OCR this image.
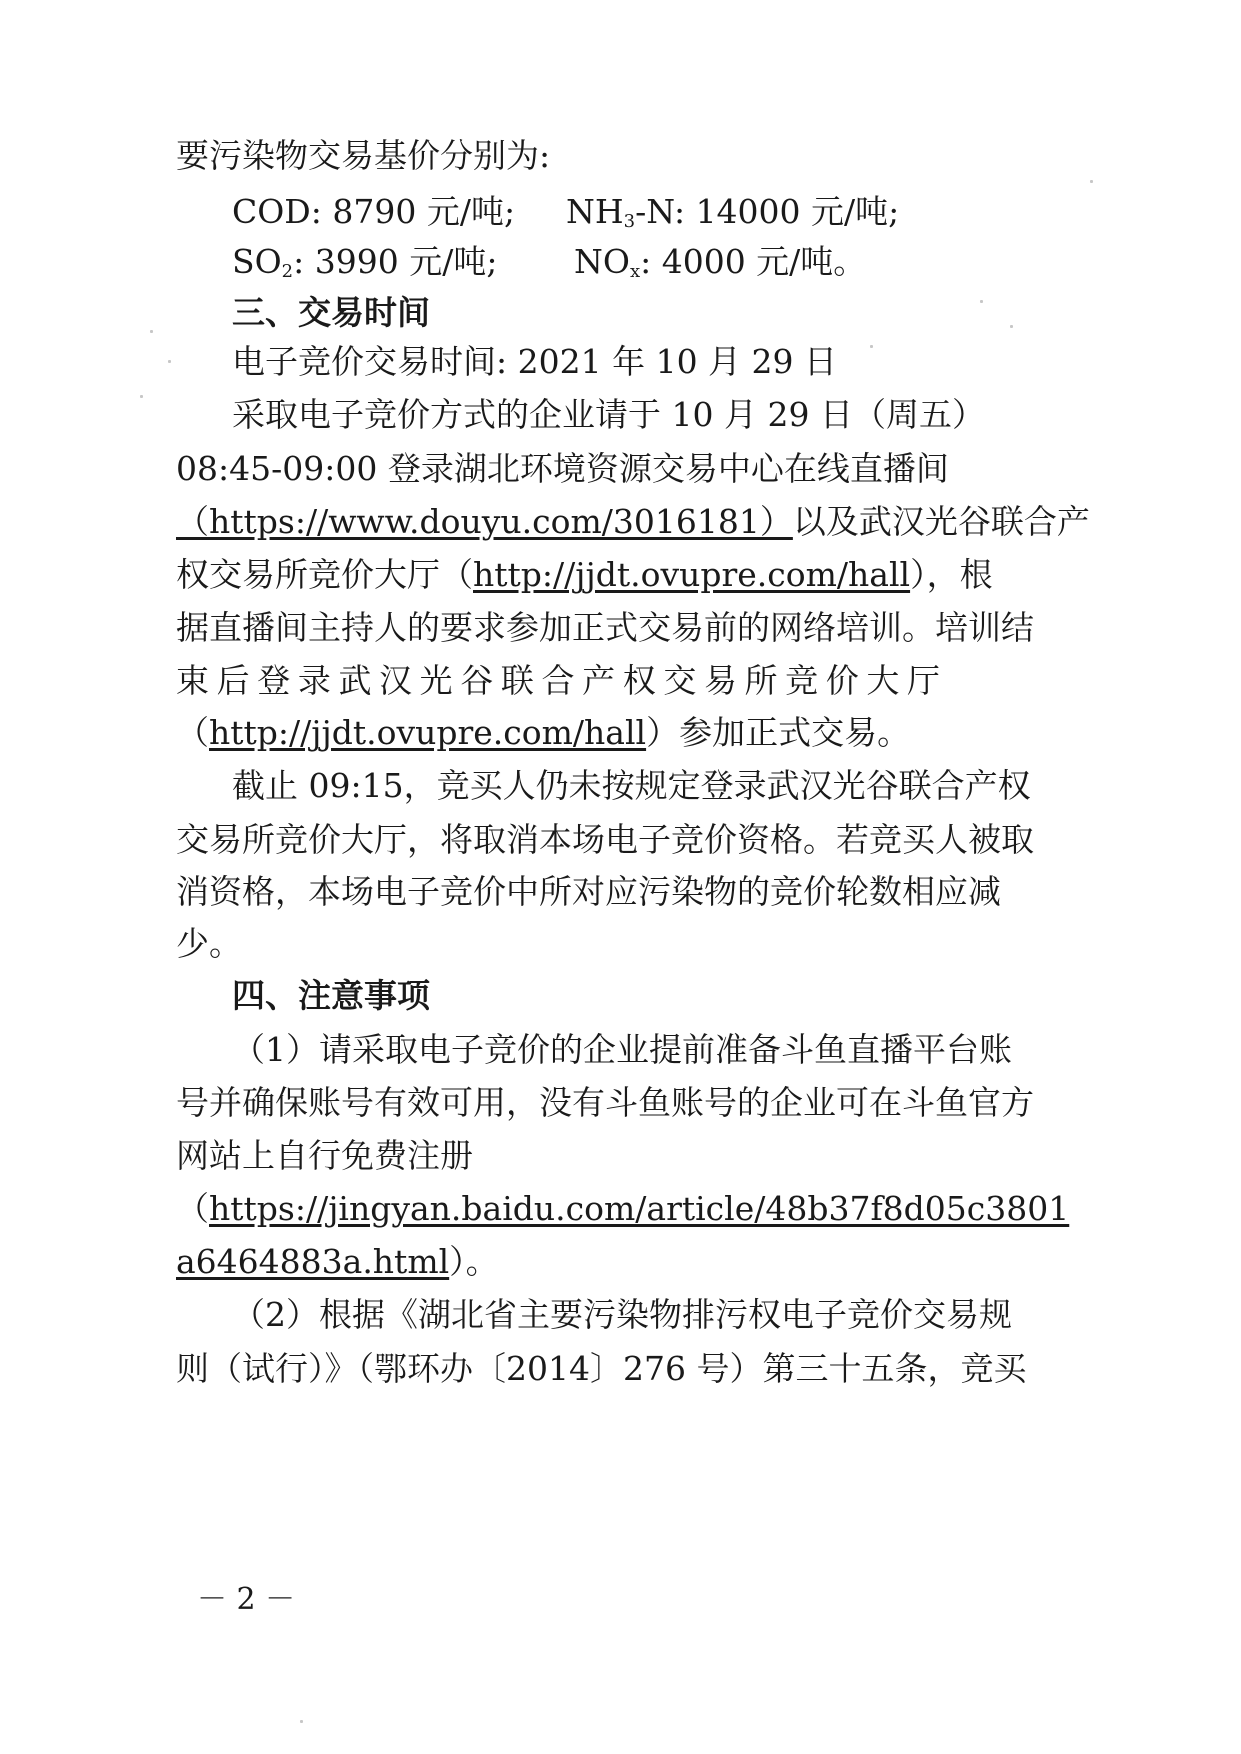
要污染物交易基价分别为:
COD: 8790 元/吨; $NH_3-N$: 14000 元/吨;
$SO_2$: 3990 元/吨; $NO_x$: 4000 元/吨。
三、交易时间
电子竞价交易时间: 2021 年 10 月 29 日
采取电子竞价方式的企业请于 10 月 29 日（周五）
08:45-09:00 登录湖北环境资源交易中心在线直播间
（https://www.douyu.com/3016181）以及武汉光谷联合产
权交易所竞价大厅（http://jjdt.ovupre.com/hall），根
据直播间主持人的要求参加正式交易前的网络培训。培训结
束后登录武汉光谷联合产权交易所竞价大厅
（http://jjdt.ovupre.com/hall）参加正式交易。
截止 09:15，竞买人仍未按规定登录武汉光谷联合产权
交易所竞价大厅，将取消本场电子竞价资格。若竞买人被取
消资格，本场电子竞价中所对应污染物的竞价轮数相应减
少。
四、注意事项
（1）请采取电子竞价的企业提前准备斗鱼直播平台账
号并确保账号有效可用，没有斗鱼账号的企业可在斗鱼官方
网站上自行免费注册
（https://jingyan.baidu.com/article/48b37f8d05c3801
a6464883a.html）。
（2）根据《湖北省主要污染物排污权电子竞价交易规
则（试行）》（鄂环办〔2014〕276 号）第三十五条，竞买
－ 2 －
